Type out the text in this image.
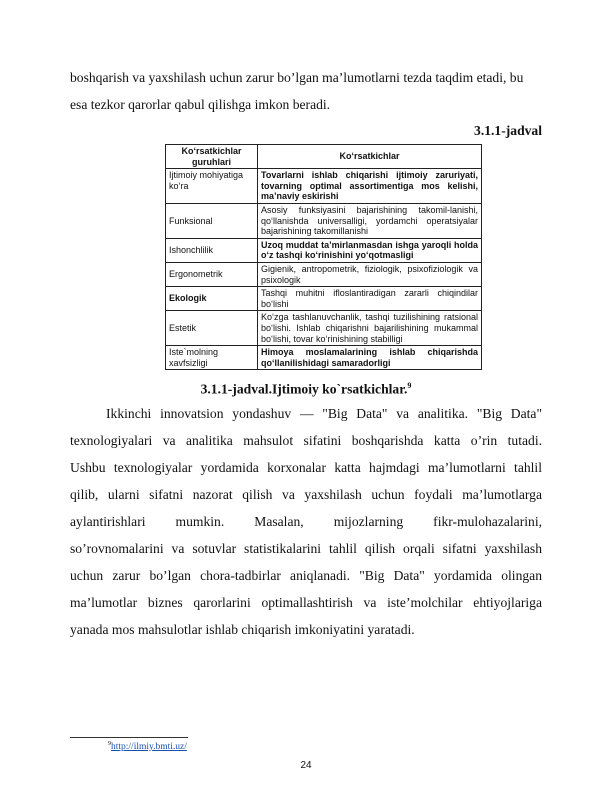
boshqarish va yaxshilash uchun zarur bo’lgan ma’lumotlarni tezda taqdim etadi, bu
esa tezkor qarorlar qabul qilishga imkon beradi.
3.1.1-jadval
Ko‘rsatkichlar guruhlari	Ko‘rsatkichlar
Ijtimoiy mohiyatiga ko‘ra	Tovarlarni ishlab chiqarishi ijtimoiy zaruriyati, tovarning optimal assortimentiga mos kelishi, ma’naviy eskirishi
Funksional	Asosiy funksiyasini bajarishining takomil-lanishi, qo‘llanishda universalligi, yordamchi operatsiyalar bajarishining takomillanishi
Ishonchlilik	Uzoq muddat ta’mirlanmasdan ishga yaroqli holda o‘z tashqi ko‘rinishini yo‘qotmasligi
Ergonometrik	Gigienik, antropometrik, fiziologik, psixofiziologik va psixologik
Ekologik	Tashqi muhitni ifloslantiradigan zararli chiqindilar bo‘lishi
Estetik	Ko‘zga tashlanuvchanlik, tashqi tuzilishining ratsional bo‘lishi. Ishlab chiqarishni bajarilishining mukammal bo‘lishi, tovar ko‘rinishining stabilligi
Iste`molning xavfsizligi	Himoya moslamalarining ishlab chiqarishda qo‘llanilishidagi samaradorligi
3.1.1-jadval.Ijtimoiy ko`rsatkichlar.$^9$
Ikkinchi innovatsion yondashuv — "Big Data" va analitika. "Big Data"
texnologiyalari va analitika mahsulot sifatini boshqarishda katta o’rin tutadi.
Ushbu texnologiyalar yordamida korxonalar katta hajmdagi ma’lumotlarni tahlil
qilib, ularni sifatni nazorat qilish va yaxshilash uchun foydali ma’lumotlarga
aylantirishlari mumkin. Masalan, mijozlarning fikr-mulohazalarini,
so’rovnomalarini va sotuvlar statistikalarini tahlil qilish orqali sifatni yaxshilash
uchun zarur bo’lgan chora-tadbirlar aniqlanadi. "Big Data" yordamida olingan
ma’lumotlar biznes qarorlarini optimallashtirish va iste’molchilar ehtiyojlariga
yanada mos mahsulotlar ishlab chiqarish imkoniyatini yaratadi.
$^9$http://ilmiy.bmti.uz/
24
